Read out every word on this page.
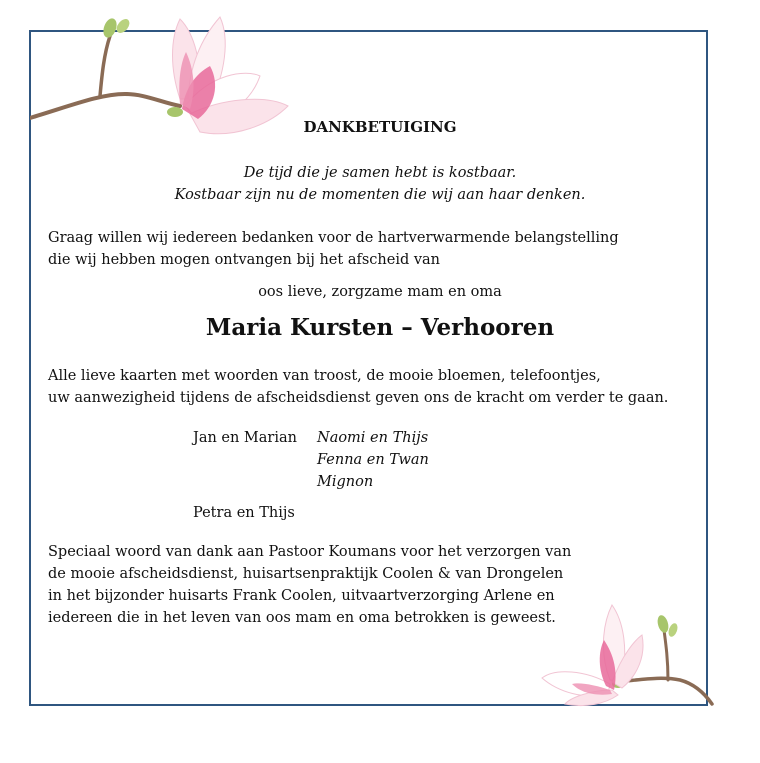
DANKBETUIGING
De tijd die je samen hebt is kostbaar.
Kostbaar zijn nu de momenten die wij aan haar denken.
Graag willen wij iedereen bedanken voor de hartverwarmende belangstelling
die wij hebben mogen ontvangen bij het afscheid van
oos lieve, zorgzame mam en oma
Maria Kursten – Verhooren
Alle lieve kaarten met woorden van troost, de mooie bloemen, telefoontjes,
uw aanwezigheid tijdens de afscheidsdienst geven ons de kracht om verder te gaan.
Jan en Marian Naomi en Thijs
Fenna en Twan
Mignon
Petra en Thijs
Speciaal woord van dank aan Pastoor Koumans voor het verzorgen van
de mooie afscheidsdienst, huisartsenpraktijk Coolen & van Drongelen
in het bijzonder huisarts Frank Coolen, uitvaartverzorging Arlene en
iedereen die in het leven van oos mam en oma betrokken is geweest.
